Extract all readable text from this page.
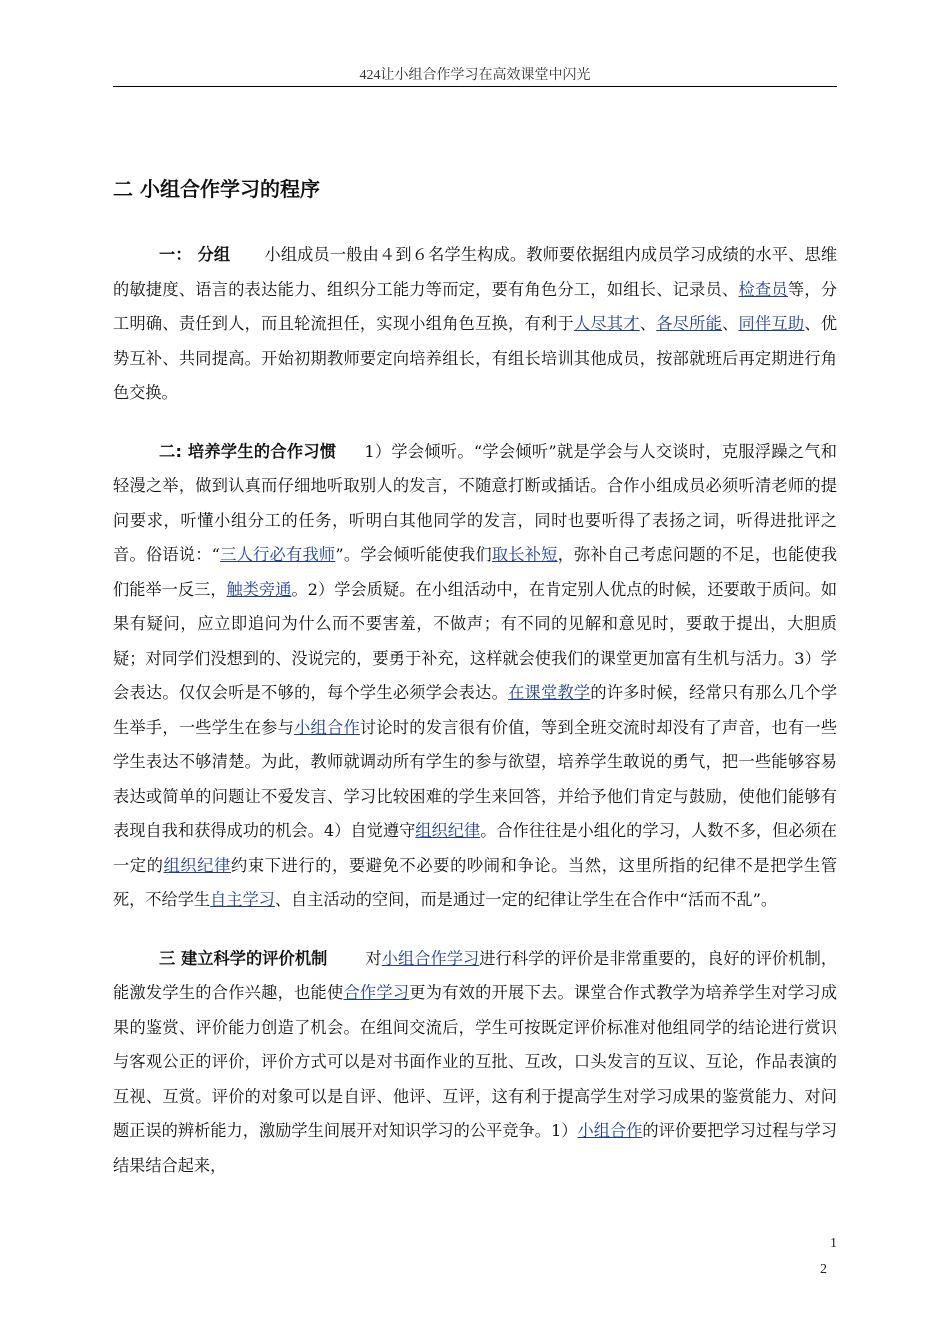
424让小组合作学习在高效课堂中闪光
二 小组合作学习的程序

一： 分组 小组成员一般由４到６名学生构成。教师要依据组内成员学习成绩的水平、思维的敏捷度、语言的表达能力、组织分工能力等而定，要有角色分工，如组长、记录员、检查员等，分工明确、责任到人，而且轮流担任，实现小组角色互换，有利于人尽其才、各尽所能、同伴互助、优势互补、共同提高。开始初期教师要定向培养组长，有组长培训其他成员，按部就班后再定期进行角色交换。

二: 培养学生的合作习惯 1）学会倾听。“学会倾听”就是学会与人交谈时，克服浮躁之气和轻漫之举，做到认真而仔细地听取别人的发言，不随意打断或插话。合作小组成员必须听清老师的提问要求，听懂小组分工的任务，听明白其他同学的发言，同时也要听得了表扬之词，听得进批评之音。俗语说：“三人行必有我师”。学会倾听能使我们取长补短，弥补自己考虑问题的不足，也能使我们能举一反三，触类旁通。2）学会质疑。在小组活动中，在肯定别人优点的时候，还要敢于质问。如果有疑问，应立即追问为什么而不要害羞，不做声；有不同的见解和意见时，要敢于提出，大胆质疑；对同学们没想到的、没说完的，要勇于补充，这样就会使我们的课堂更加富有生机与活力。3）学会表达。仅仅会听是不够的，每个学生必须学会表达。在课堂教学的许多时候，经常只有那么几个学生举手，一些学生在参与小组合作讨论时的发言很有价值，等到全班交流时却没有了声音，也有一些学生表达不够清楚。为此，教师就调动所有学生的参与欲望，培养学生敢说的勇气，把一些能够容易表达或简单的问题让不爱发言、学习比较困难的学生来回答，并给予他们肯定与鼓励，使他们能够有表现自我和获得成功的机会。4）自觉遵守组织纪律。合作往往是小组化的学习，人数不多，但必须在一定的组织纪律约束下进行的，要避免不必要的吵闹和争论。当然，这里所指的纪律不是把学生管死，不给学生自主学习、自主活动的空间，而是通过一定的纪律让学生在合作中“活而不乱”。

三 建立科学的评价机制 对小组合作学习进行科学的评价是非常重要的，良好的评价机制，能激发学生的合作兴趣，也能使合作学习更为有效的开展下去。课堂合作式教学为培养学生对学习成果的鉴赏、评价能力创造了机会。在组间交流后，学生可按既定评价标准对他组同学的结论进行赏识与客观公正的评价，评价方式可以是对书面作业的互批、互改，口头发言的互议、互论，作品表演的互视、互赏。评价的对象可以是自评、他评、互评，这有利于提高学生对学习成果的鉴赏能力、对问题正误的辨析能力，激励学生间展开对知识学习的公平竞争。1）小组合作的评价要把学习过程与学习结果结合起来，

1
2
